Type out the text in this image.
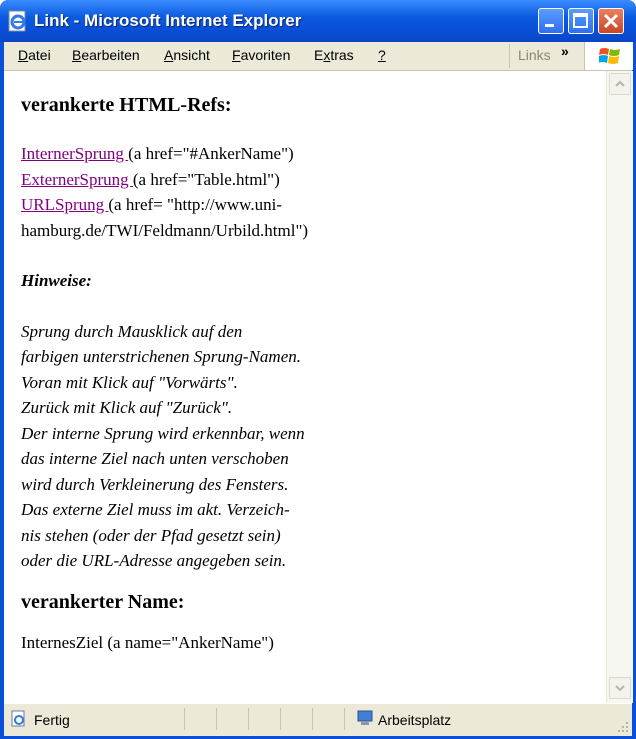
Link - Microsoft Internet Explorer
Datei Bearbeiten Ansicht Favoriten Extras ?	Links »
verankerte HTML-Refs:

InternerSprung (a href="#AnkerName")

ExternerSprung (a href="Table.html")

URLSprung (a href= "http://www.uni-

hamburg.de/TWI/Feldmann/Urbild.html")

Hinweise:

Sprung durch Mausklick auf den

farbigen unterstrichenen Sprung-Namen.

Voran mit Klick auf "Vorwärts".

Zurück mit Klick auf "Zurück".

Der interne Sprung wird erkennbar, wenn

das interne Ziel nach unten verschoben

wird durch Verkleinerung des Fensters.

Das externe Ziel muss im akt. Verzeich-

nis stehen (oder der Pfad gesetzt sein)

oder die URL-Adresse angegeben sein.

verankerter Name:

InternesZiel (a name="AnkerName")

Fertig	Arbeitsplatz
